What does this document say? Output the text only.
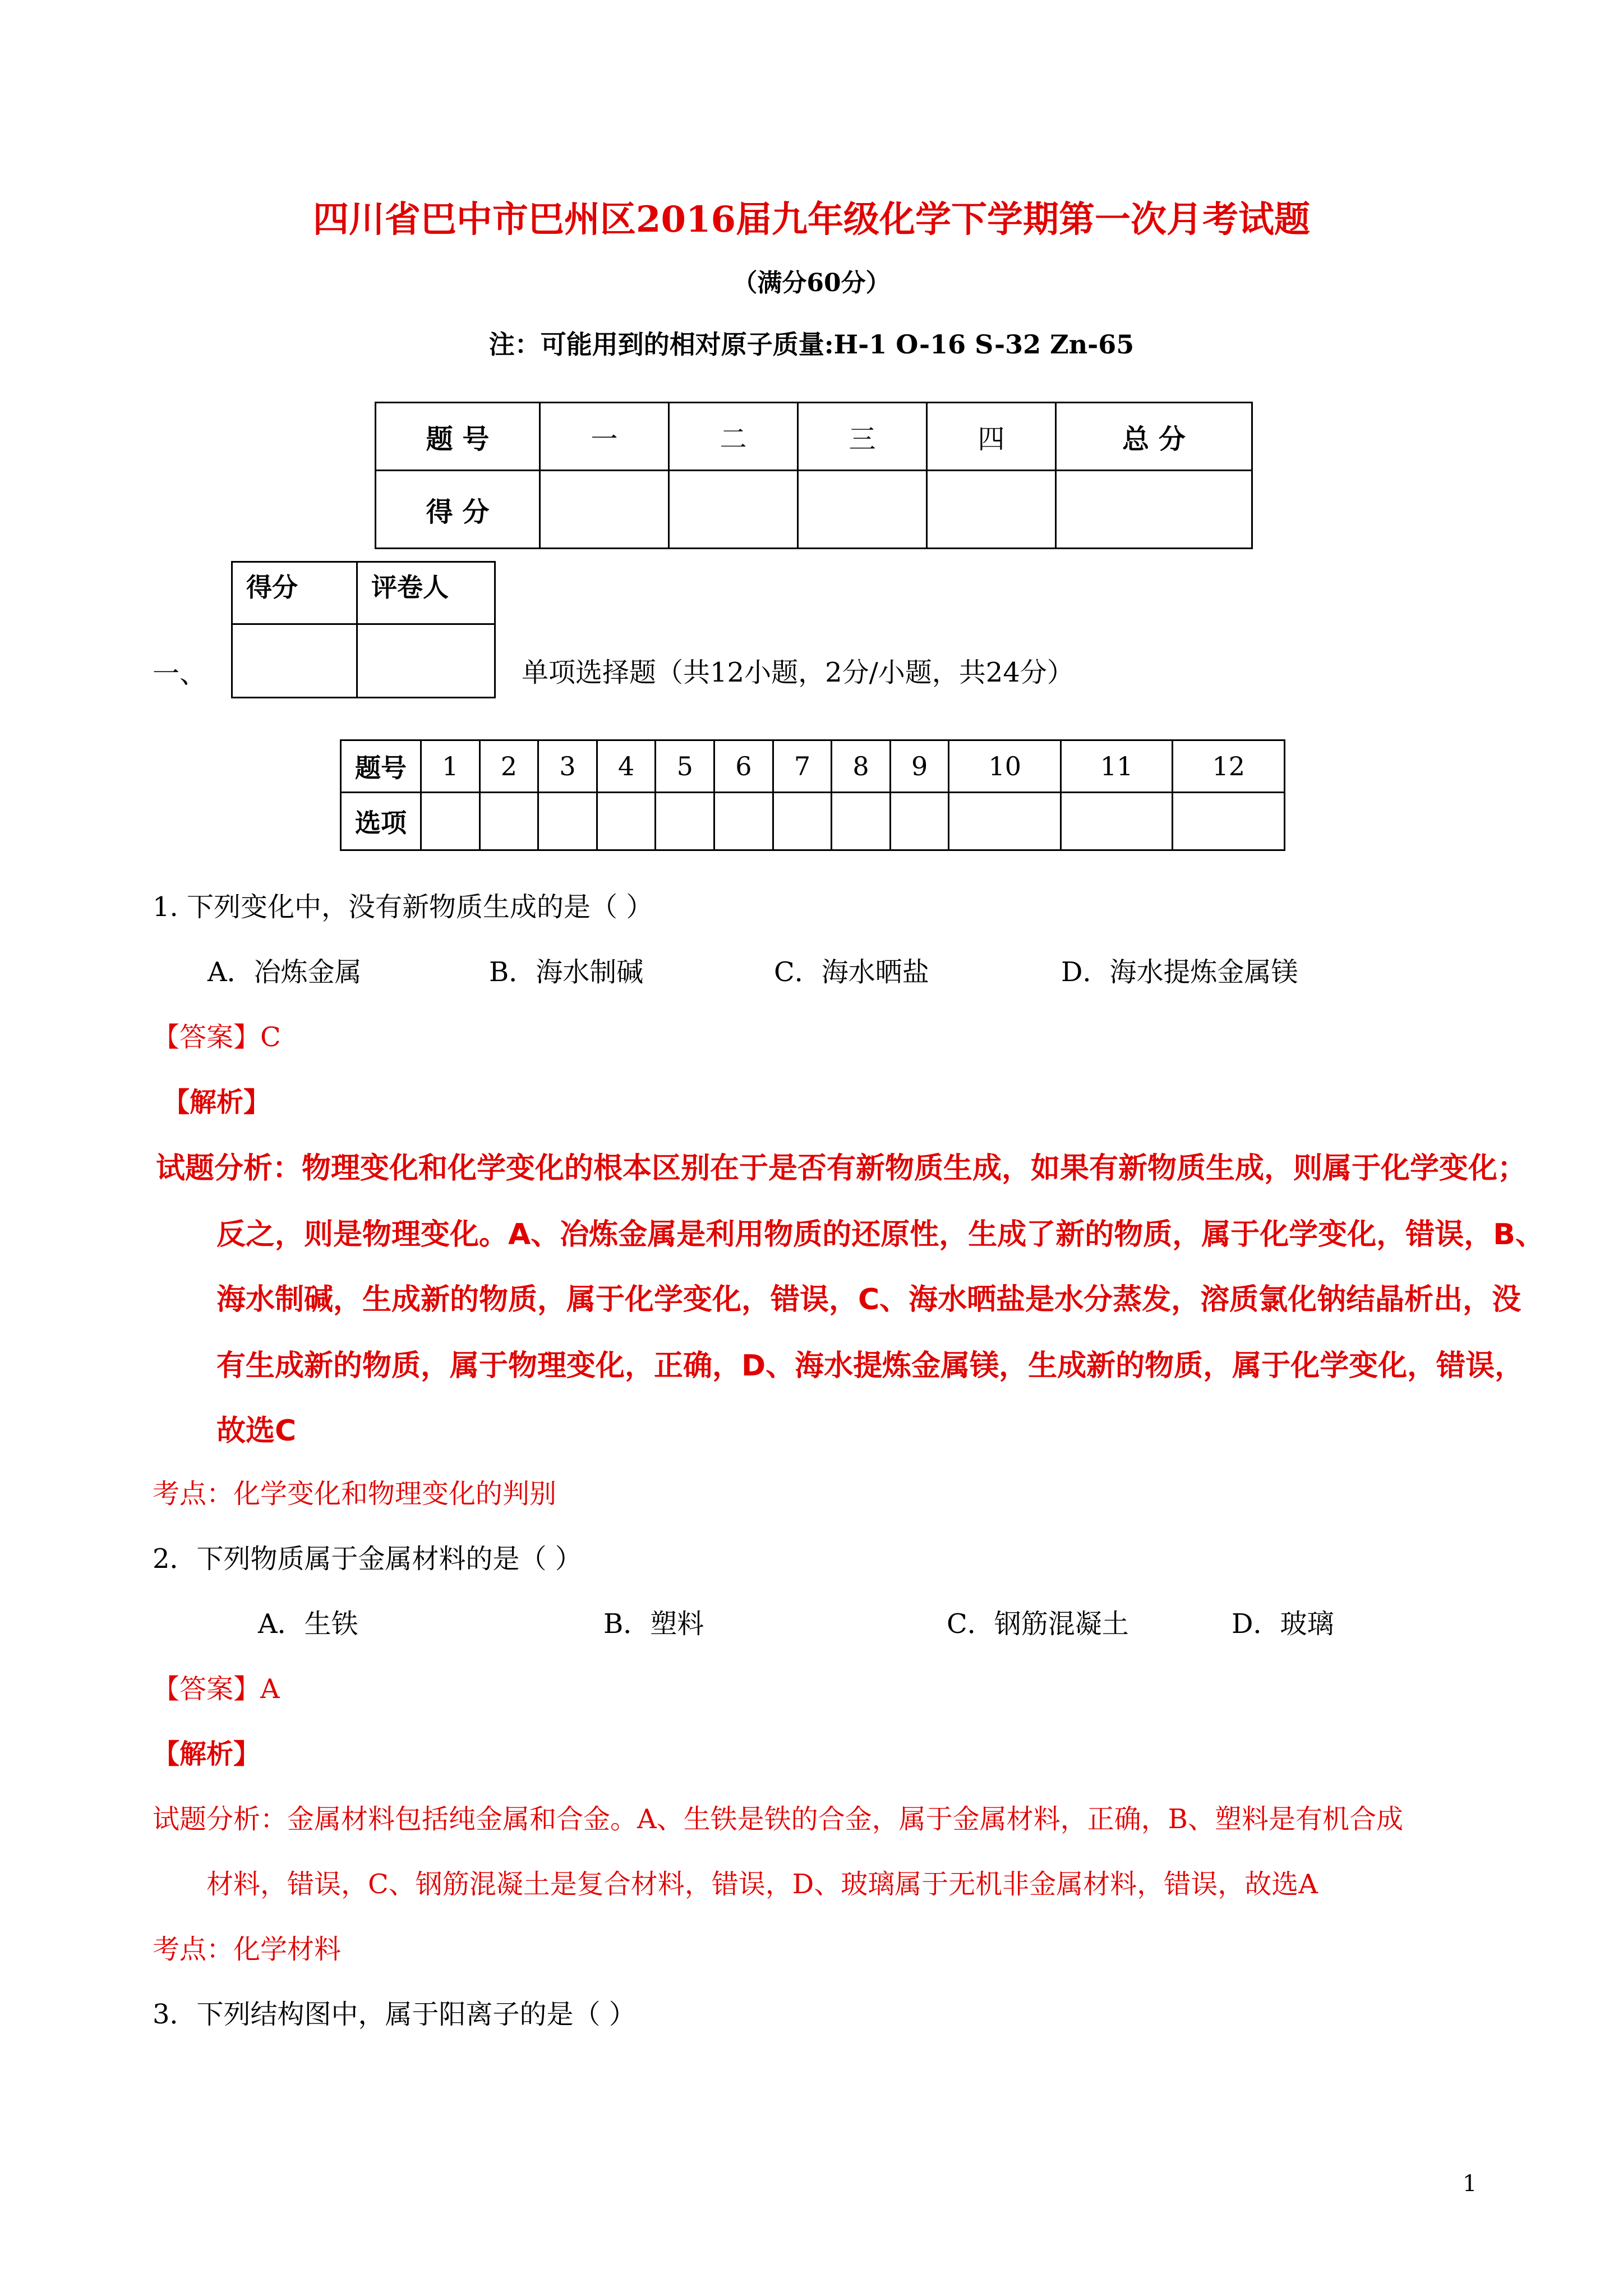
四川省巴中市巴州区2016届九年级化学下学期第一次月考试题
（满分60分）
注：可能用到的相对原子质量:H-1 O-16 S-32 Zn-65
题 号	一	二	三	四	总 分
得 分					
得分	评卷人

一、	单项选择题（共12小题，2分/小题，共24分）
题号	1	2	3	4	5	6	7	8	9	10	11	12
选项												
1. 下列变化中，没有新物质生成的是（ ）
A．冶炼金属	B．海水制碱	C．海水晒盐	D．海水提炼金属镁
【答案】C
【解析】
试题分析：物理变化和化学变化的根本区别在于是否有新物质生成，如果有新物质生成，则属于化学变化；
反之，则是物理变化。A、冶炼金属是利用物质的还原性，生成了新的物质，属于化学变化，错误，B、
海水制碱，生成新的物质，属于化学变化，错误，C、海水晒盐是水分蒸发，溶质氯化钠结晶析出，没
有生成新的物质，属于物理变化，正确，D、海水提炼金属镁，生成新的物质，属于化学变化，错误，
故选C
考点：化学变化和物理变化的判别
2．下列物质属于金属材料的是（ ）
A．生铁	B．塑料	C．钢筋混凝土	D．玻璃
【答案】A
【解析】
试题分析：金属材料包括纯金属和合金。A、生铁是铁的合金，属于金属材料，正确，B、塑料是有机合成
材料，错误，C、钢筋混凝土是复合材料，错误，D、玻璃属于无机非金属材料，错误，故选A
考点：化学材料
3．下列结构图中，属于阳离子的是（ ）
1
